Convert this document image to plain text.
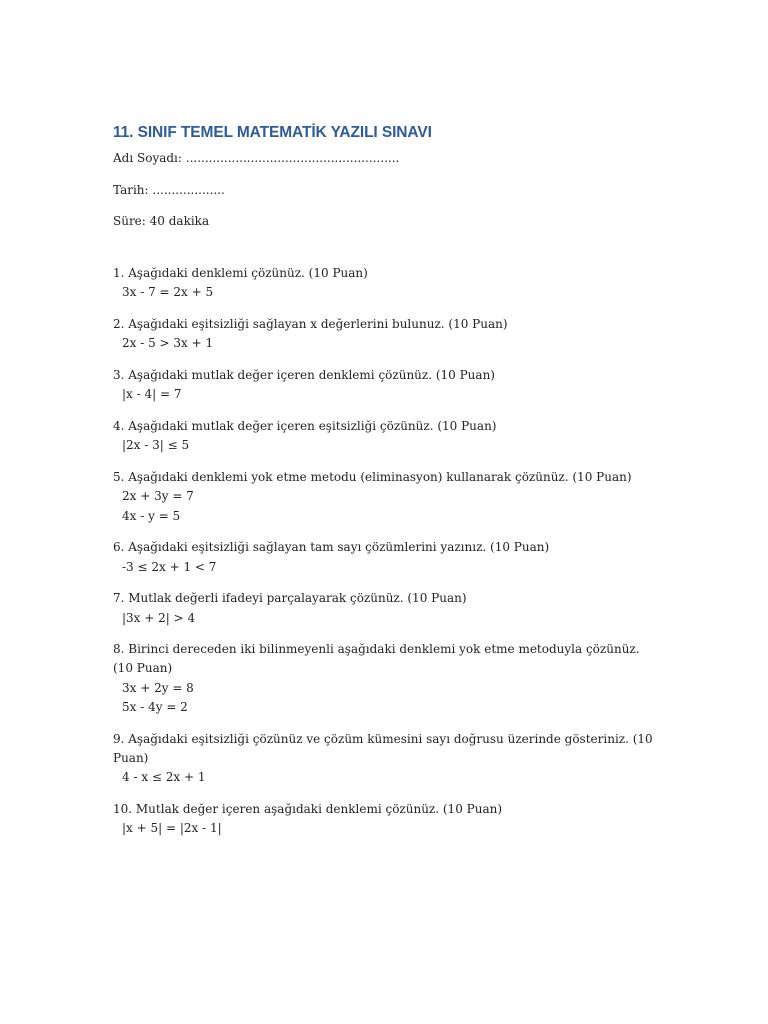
11. SINIF TEMEL MATEMATİK YAZILI SINAVI

Adı Soyadı: ........................................................

Tarih: ...................

Süre: 40 dakika

1. Aşağıdaki denklemi çözünüz. (10 Puan)

3x - 7 = 2x + 5

2. Aşağıdaki eşitsizliği sağlayan x değerlerini bulunuz. (10 Puan)

2x - 5 > 3x + 1

3. Aşağıdaki mutlak değer içeren denklemi çözünüz. (10 Puan)

|x - 4| = 7

4. Aşağıdaki mutlak değer içeren eşitsizliği çözünüz. (10 Puan)

|2x - 3| ≤ 5

5. Aşağıdaki denklemi yok etme metodu (eliminasyon) kullanarak çözünüz. (10 Puan)

2x + 3y = 7

4x - y = 5

6. Aşağıdaki eşitsizliği sağlayan tam sayı çözümlerini yazınız. (10 Puan)

-3 ≤ 2x + 1 < 7

7. Mutlak değerli ifadeyi parçalayarak çözünüz. (10 Puan)

|3x + 2| > 4

8. Birinci dereceden iki bilinmeyenli aşağıdaki denklemi yok etme metoduyla çözünüz. (10 Puan)

3x + 2y = 8

5x - 4y = 2

9. Aşağıdaki eşitsizliği çözünüz ve çözüm kümesini sayı doğrusu üzerinde gösteriniz. (10 Puan)

4 - x ≤ 2x + 1

10. Mutlak değer içeren aşağıdaki denklemi çözünüz. (10 Puan)

|x + 5| = |2x - 1|
